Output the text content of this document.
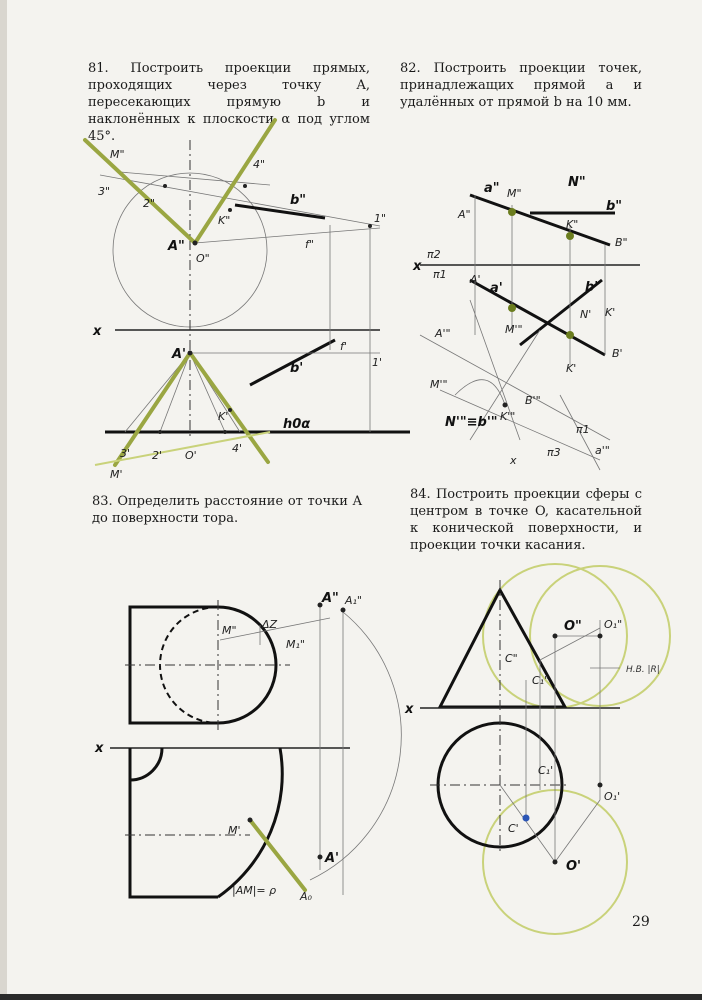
81. Построить проекции прямых, проходящих через точку A, пересекающих прямую b и наклонённых к плоскости α под углом 45°.

82. Построить проекции точек, принадлежащих прямой a и удалённых от прямой b на 10 мм.

83. Определить расстояние от точки A до поверхности тора.

84. Построить проекции сферы с центром в точке O, касательной к конической поверхности, и проекции точки касания.

M"
4"
3"
2"	b"
K"
A"
O"
1"
f"
x
f'
A'
b'	1'
K'
h0α
3' 2' O'
4'
M'
a" M"
N"
b"
A"
K"
B"
π2
x
π1 A'
a'	b'
N' K'
A'"	M'"
M'"
B'
K'
N'"≡b'" K'"
B'"
π1
π3
x
a'"
A" A₁"
M" ΔZ
M₁"
x
M'
A'
|AM|= ρ A₀
O" O₁"
C"
C₁"
Н.В. |R|
x
C₁'
O₁'
C'
O'
29
